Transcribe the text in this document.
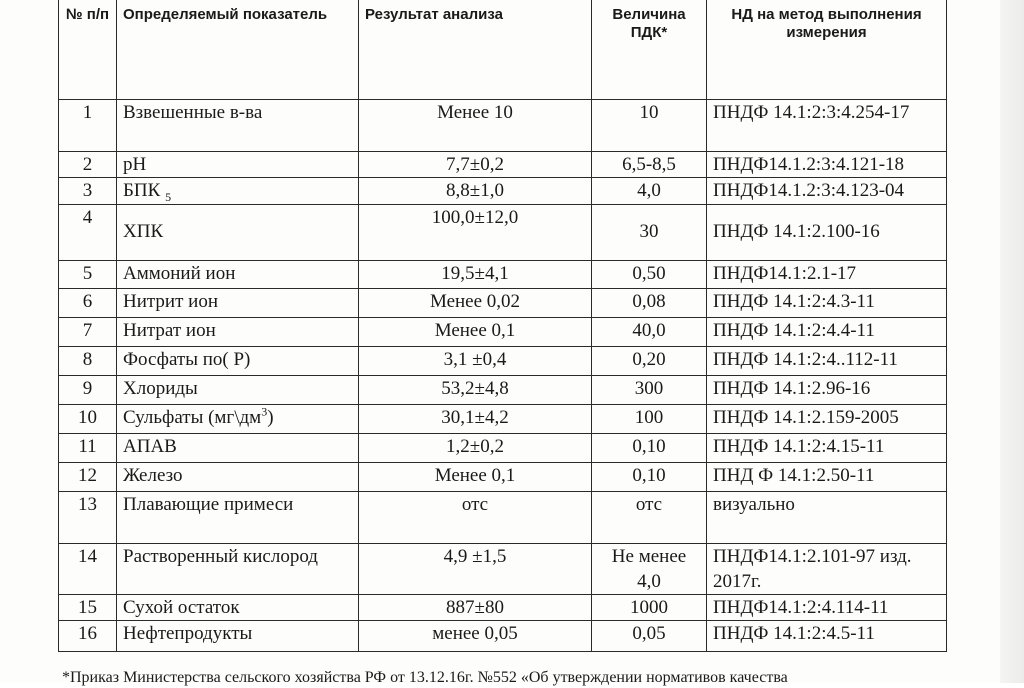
№ п/п	Определяемый показатель	Результат анализа	Величина ПДК*	НД на метод выполнения измерения
1	Взвешенные в-ва	Менее 10	10	ПНДФ 14.1:2:3:4.254-17
2	pH	7,7±0,2	6,5-8,5	ПНДФ14.1.2:3:4.121-18
3	БПК $_5$	8,8±1,0	4,0	ПНДФ14.1.2:3:4.123-04
4	ХПК	100,0±12,0	30	ПНДФ 14.1:2.100-16
5	Аммоний ион	19,5±4,1	0,50	ПНДФ14.1:2.1-17
6	Нитрит ион	Менее 0,02	0,08	ПНДФ 14.1:2:4.3-11
7	Нитрат ион	Менее 0,1	40,0	ПНДФ 14.1:2:4.4-11
8	Фосфаты по( Р)	3,1 ±0,4	0,20	ПНДФ 14.1:2:4..112-11
9	Хлориды	53,2±4,8	300	ПНДФ 14.1:2.96-16
10	Сульфаты $(мг\backslash дм^3)$	30,1±4,2	100	ПНДФ 14.1:2.159-2005
11	АПАВ	1,2±0,2	0,10	ПНДФ 14.1:2:4.15-11
12	Железо	Менее 0,1	0,10	ПНД Ф 14.1:2.50-11
13	Плавающие примеси	отс	отс	визуально
14	Растворенный кислород	4,9 ±1,5	Не менее 4,0	ПНДФ14.1:2.101-97 изд. 2017г.
15	Сухой остаток	887±80	1000	ПНДФ14.1:2:4.114-11
16	Нефтепродукты	менее 0,05	0,05	ПНДФ 14.1:2:4.5-11
*Приказ Министерства сельского хозяйства РФ от 13.12.16г. №552 «Об утверждении нормативов качества
